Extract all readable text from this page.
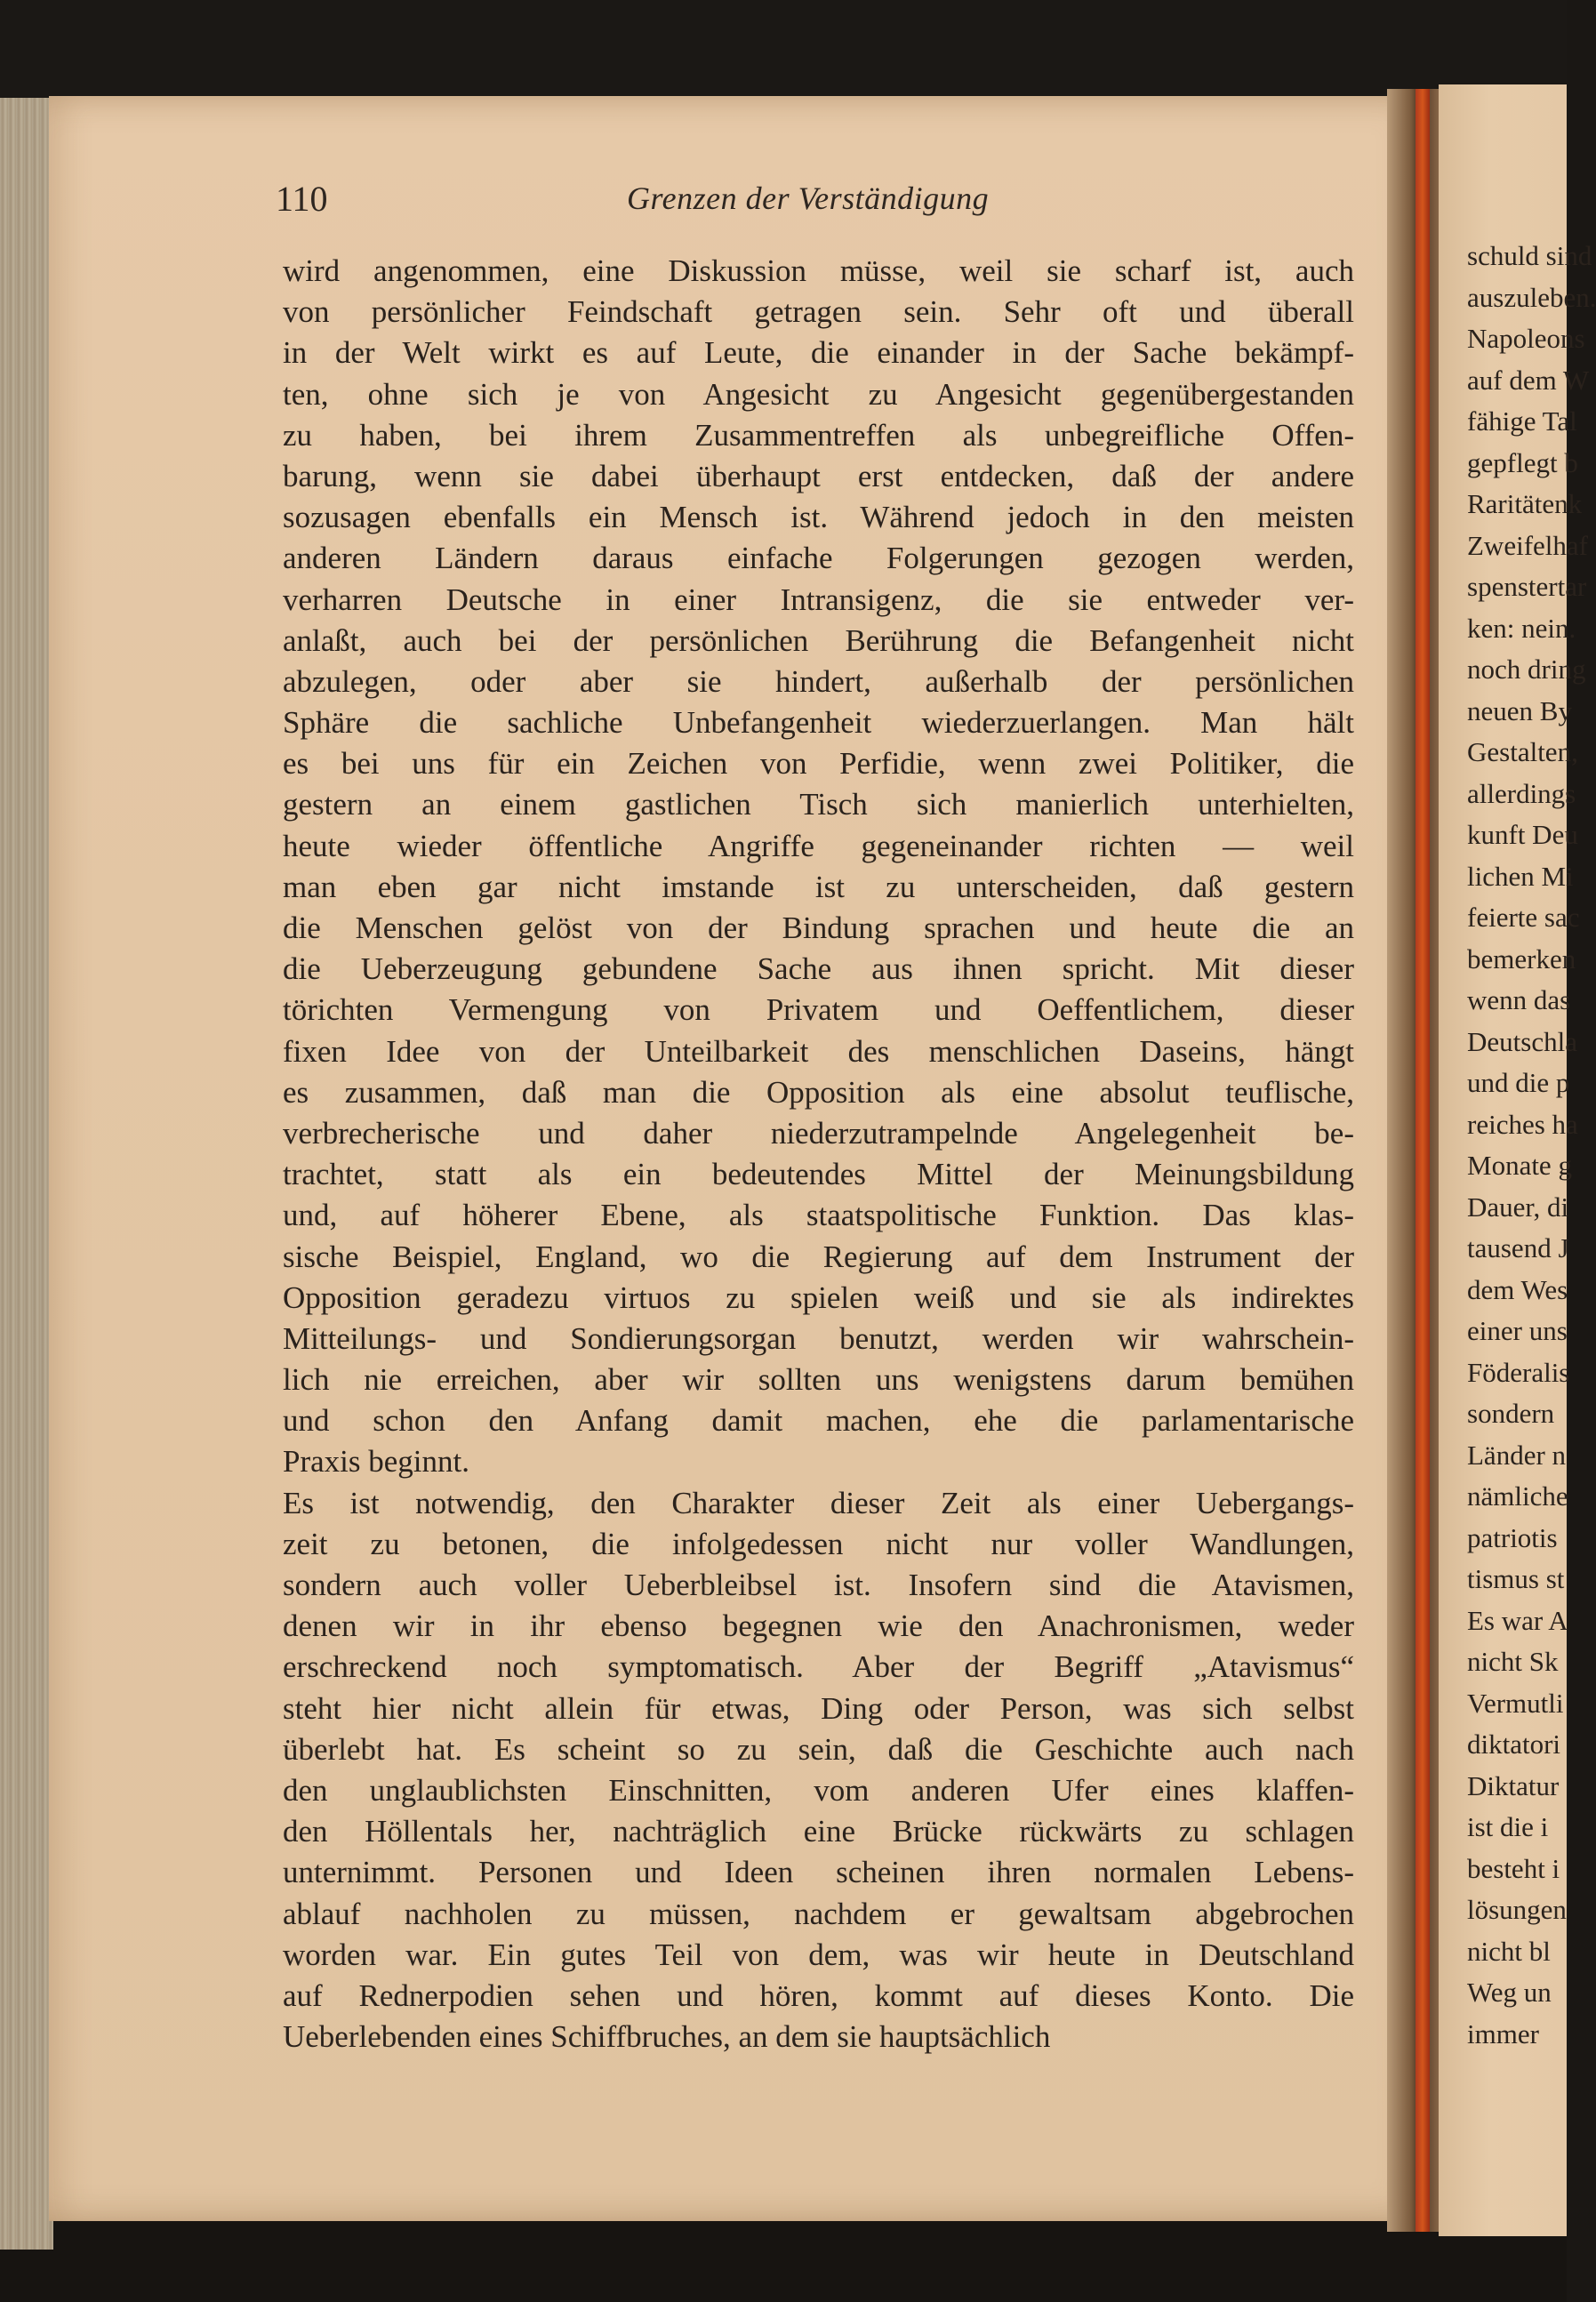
110	Grenzen der Verständigung
wird angenommen, eine Diskussion müsse, weil sie scharf ist, auch
von persönlicher Feindschaft getragen sein. Sehr oft und überall
in der Welt wirkt es auf Leute, die einander in der Sache bekämpf-
ten, ohne sich je von Angesicht zu Angesicht gegenübergestanden
zu haben, bei ihrem Zusammentreffen als unbegreifliche Offen-
barung, wenn sie dabei überhaupt erst entdecken, daß der andere
sozusagen ebenfalls ein Mensch ist. Während jedoch in den meisten
anderen Ländern daraus einfache Folgerungen gezogen werden,
verharren Deutsche in einer Intransigenz, die sie entweder ver-
anlaßt, auch bei der persönlichen Berührung die Befangenheit nicht
abzulegen, oder aber sie hindert, außerhalb der persönlichen
Sphäre die sachliche Unbefangenheit wiederzuerlangen. Man hält
es bei uns für ein Zeichen von Perfidie, wenn zwei Politiker, die
gestern an einem gastlichen Tisch sich manierlich unterhielten,
heute wieder öffentliche Angriffe gegeneinander richten — weil
man eben gar nicht imstande ist zu unterscheiden, daß gestern
die Menschen gelöst von der Bindung sprachen und heute die an
die Ueberzeugung gebundene Sache aus ihnen spricht. Mit dieser
törichten Vermengung von Privatem und Oeffentlichem, dieser
fixen Idee von der Unteilbarkeit des menschlichen Daseins, hängt
es zusammen, daß man die Opposition als eine absolut teuflische,
verbrecherische und daher niederzutrampelnde Angelegenheit be-
trachtet, statt als ein bedeutendes Mittel der Meinungsbildung
und, auf höherer Ebene, als staatspolitische Funktion. Das klas-
sische Beispiel, England, wo die Regierung auf dem Instrument der
Opposition geradezu virtuos zu spielen weiß und sie als indirektes
Mitteilungs- und Sondierungsorgan benutzt, werden wir wahrschein-
lich nie erreichen, aber wir sollten uns wenigstens darum bemühen
und schon den Anfang damit machen, ehe die parlamentarische
Praxis beginnt.
Es ist notwendig, den Charakter dieser Zeit als einer Uebergangs-
zeit zu betonen, die infolgedessen nicht nur voller Wandlungen,
sondern auch voller Ueberbleibsel ist. Insofern sind die Atavismen,
denen wir in ihr ebenso begegnen wie den Anachronismen, weder
erschreckend noch symptomatisch. Aber der Begriff „Atavismus“
steht hier nicht allein für etwas, Ding oder Person, was sich selbst
überlebt hat. Es scheint so zu sein, daß die Geschichte auch nach
den unglaublichsten Einschnitten, vom anderen Ufer eines klaffen-
den Höllentals her, nachträglich eine Brücke rückwärts zu schlagen
unternimmt. Personen und Ideen scheinen ihren normalen Lebens-
ablauf nachholen zu müssen, nachdem er gewaltsam abgebrochen
worden war. Ein gutes Teil von dem, was wir heute in Deutschland
auf Rednerpodien sehen und hören, kommt auf dieses Konto. Die
Ueberlebenden eines Schiffbruches, an dem sie hauptsächlich
schuld sind
auszuleben.
Napoleons
auf dem W
fähige Tal
gepflegt b
Raritätenk
Zweifelhaf
spenstertar
ken: nein.
noch dring
neuen By
Gestalten,
allerdings
kunft Deu
lichen Mi
feierte sac
bemerken
wenn das
Deutschla
und die p
reiches ha
Monate g
Dauer, di
tausend J
dem Wes
einer uns
Föderalis
sondern
Länder n
nämliche
patriotis
tismus st
Es war A
nicht Sk
Vermutli
diktatori
Diktatur
ist die i
besteht i
lösungen
nicht bl
Weg un
immer
